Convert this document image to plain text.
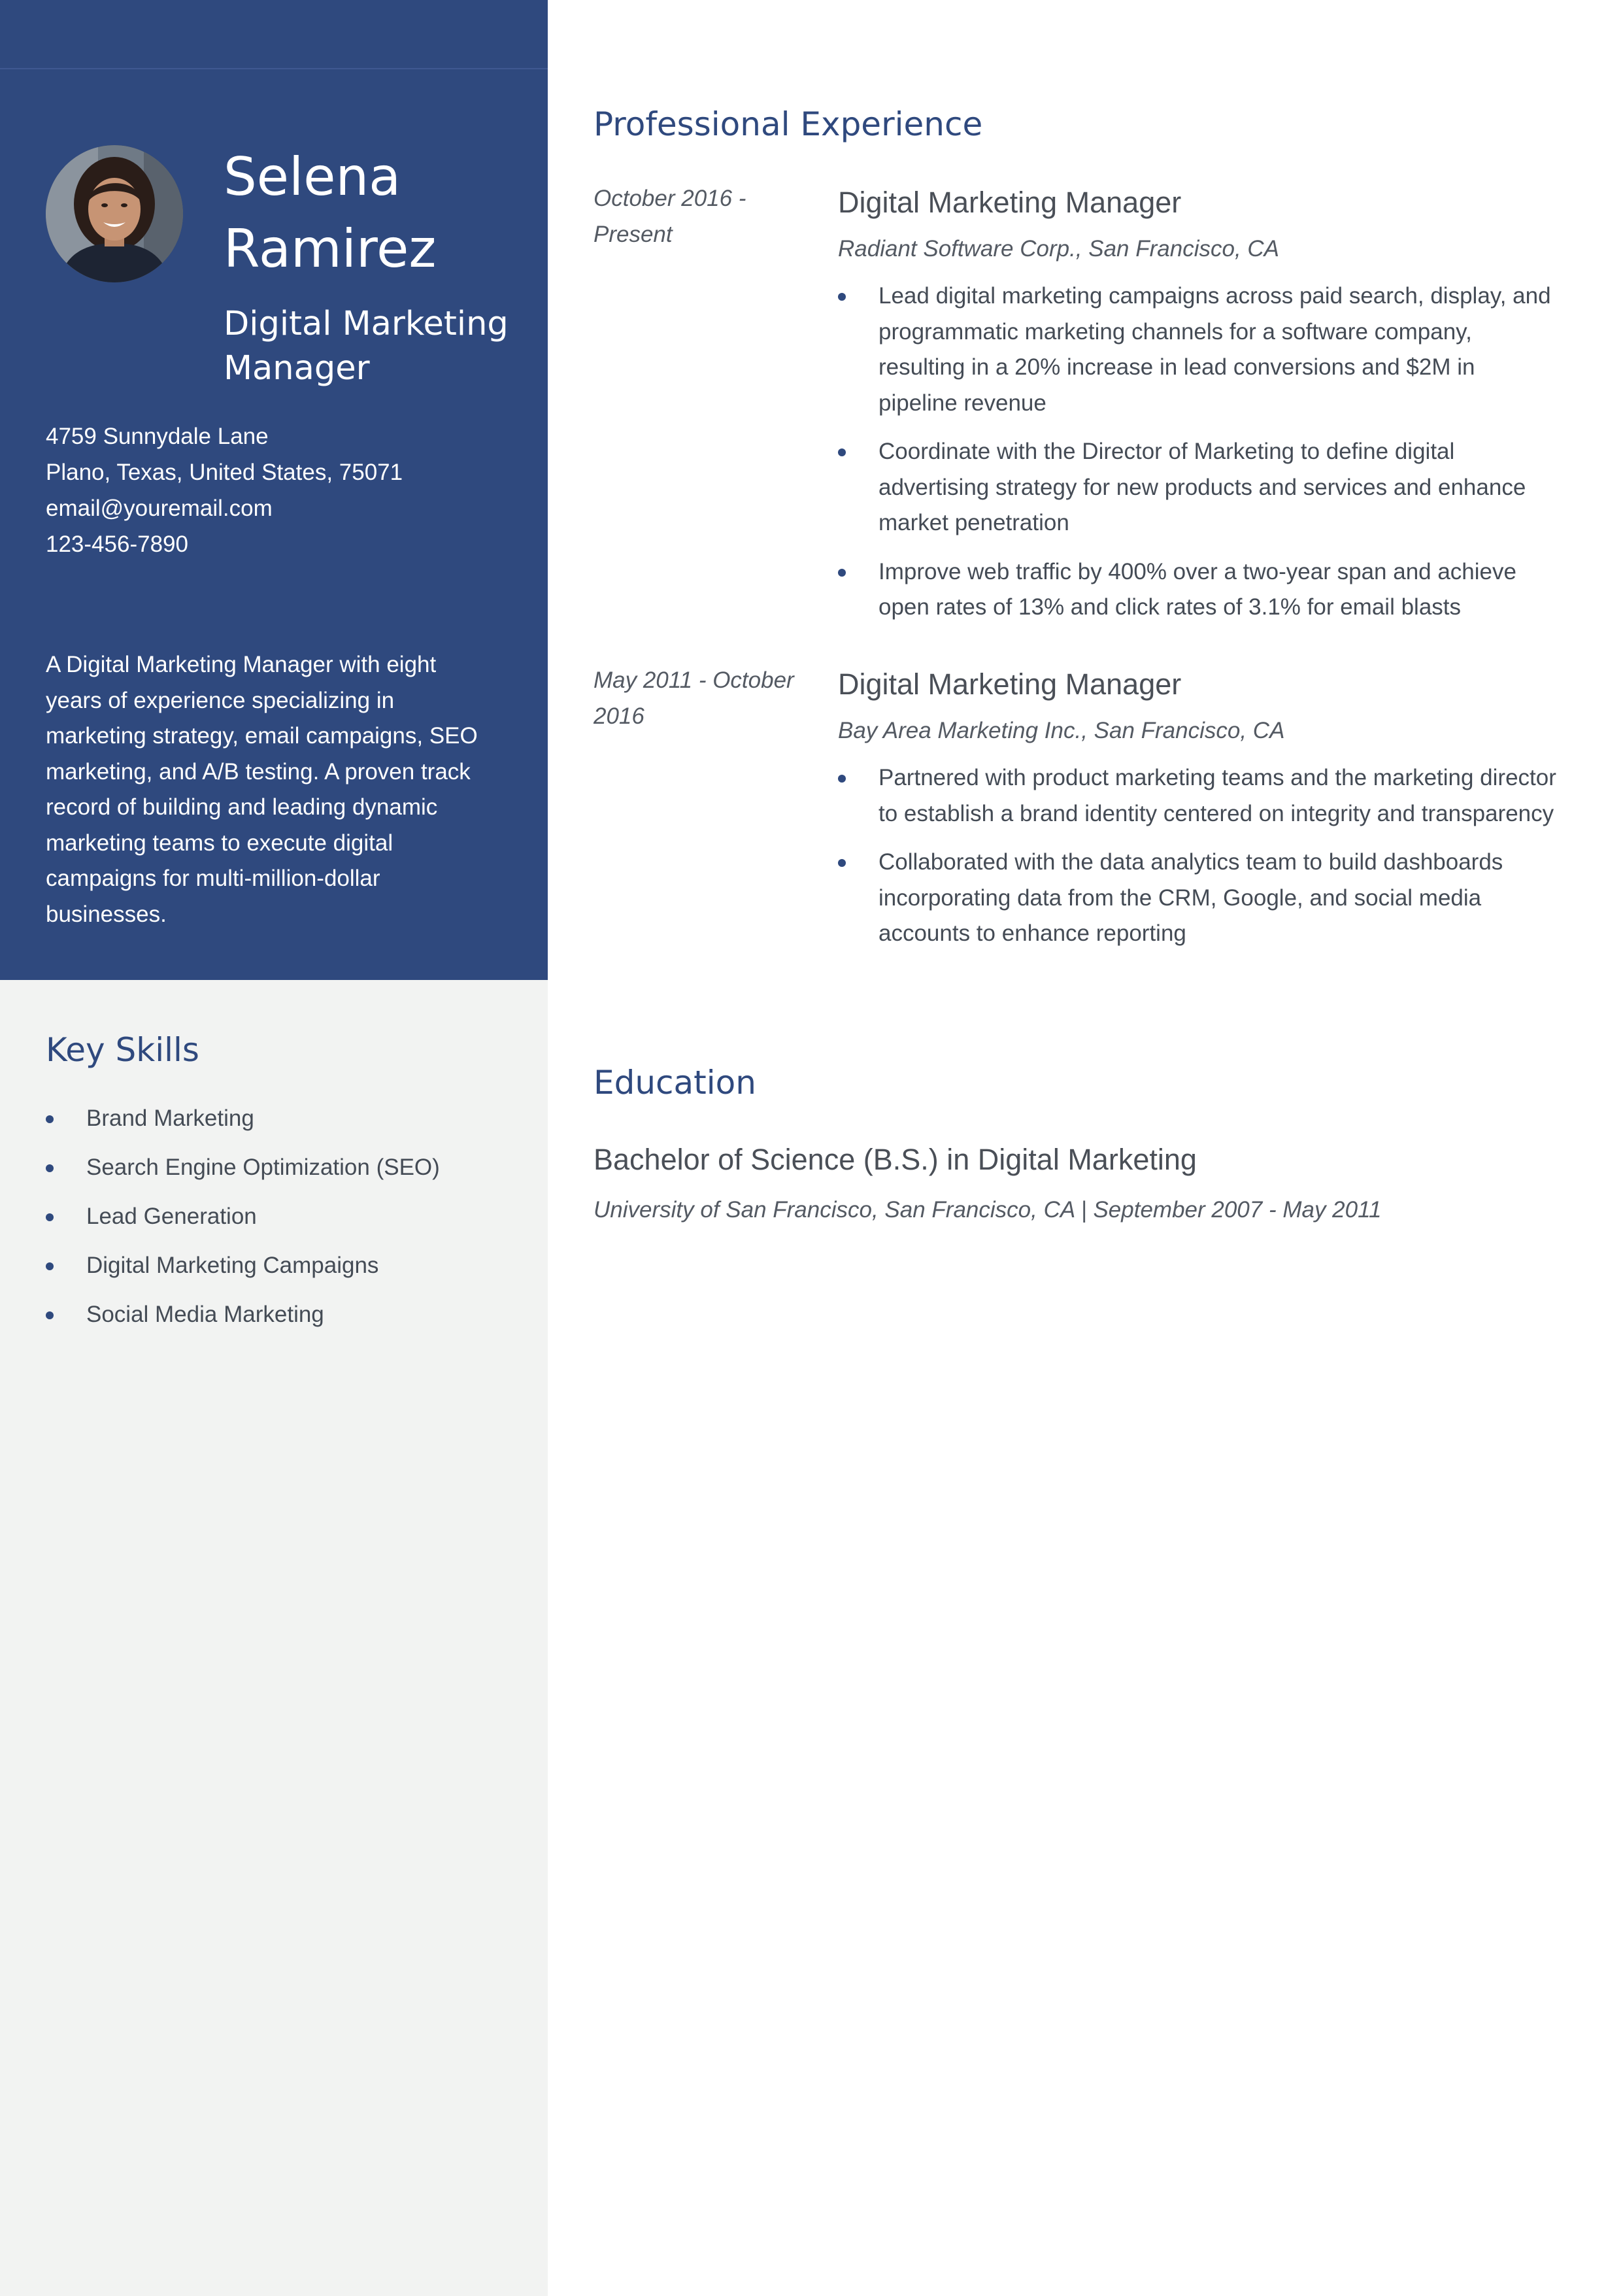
Selena
Ramirez
Digital Marketing Manager
4759 Sunnydale Lane
Plano, Texas, United States, 75071
email@youremail.com
123-456-7890
A Digital Marketing Manager with eight years of experience specializing in marketing strategy, email campaigns, SEO marketing, and A/B testing. A proven track record of building and leading dynamic marketing teams to execute digital campaigns for multi-million-dollar businesses.
Key Skills
Brand Marketing
Search Engine Optimization (SEO)
Lead Generation
Digital Marketing Campaigns
Social Media Marketing
Professional Experience
October 2016 - Present
Digital Marketing Manager
Radiant Software Corp., San Francisco, CA
Lead digital marketing campaigns across paid search, display, and programmatic marketing channels for a software company, resulting in a 20% increase in lead conversions and $2M in pipeline revenue
Coordinate with the Director of Marketing to define digital advertising strategy for new products and services and enhance market penetration
Improve web traffic by 400% over a two-year span and achieve open rates of 13% and click rates of 3.1% for email blasts
May 2011 - October 2016
Digital Marketing Manager
Bay Area Marketing Inc., San Francisco, CA
Partnered with product marketing teams and the marketing director to establish a brand identity centered on integrity and transparency
Collaborated with the data analytics team to build dashboards incorporating data from the CRM, Google, and social media accounts to enhance reporting
Education
Bachelor of Science (B.S.) in Digital Marketing
University of San Francisco, San Francisco, CA | September 2007 - May 2011
